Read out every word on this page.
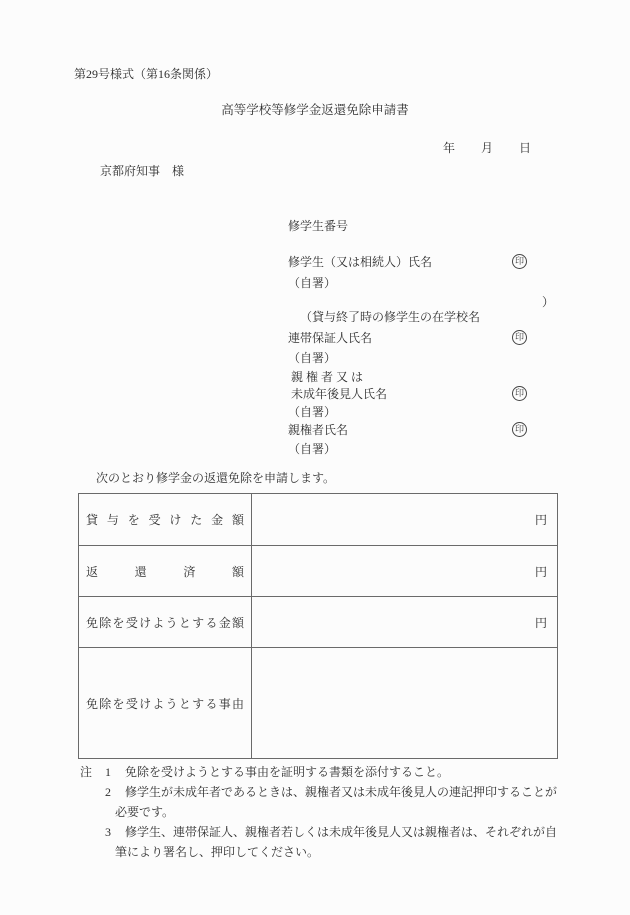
第29号様式（第16条関係）
高等学校等修学金返還免除申請書
年 月 日
京都府知事　様
修学生番号
修学生（又は相続人）氏名	印
（自署）

（貸与終了時の修学生の在学校名

）

連帯保証人氏名	印
（自署）
親 権 者 又 は
未成年後見人氏名	印
（自署）
親権者氏名	印
（自署）
次のとおり修学金の返還免除を申請します。
貸与を受けた金額	円
返還済額	円
免除を受けようとする金額	円
免除を受けようとする事由	
注 1 免除を受けようとする事由を証明する書類を添付すること。
2 修学生が未成年者であるときは、親権者又は未成年後見人の連記押印することが
必要です。
3 修学生、連帯保証人、親権者若しくは未成年後見人又は親権者は、それぞれが自
筆により署名し、押印してください。
